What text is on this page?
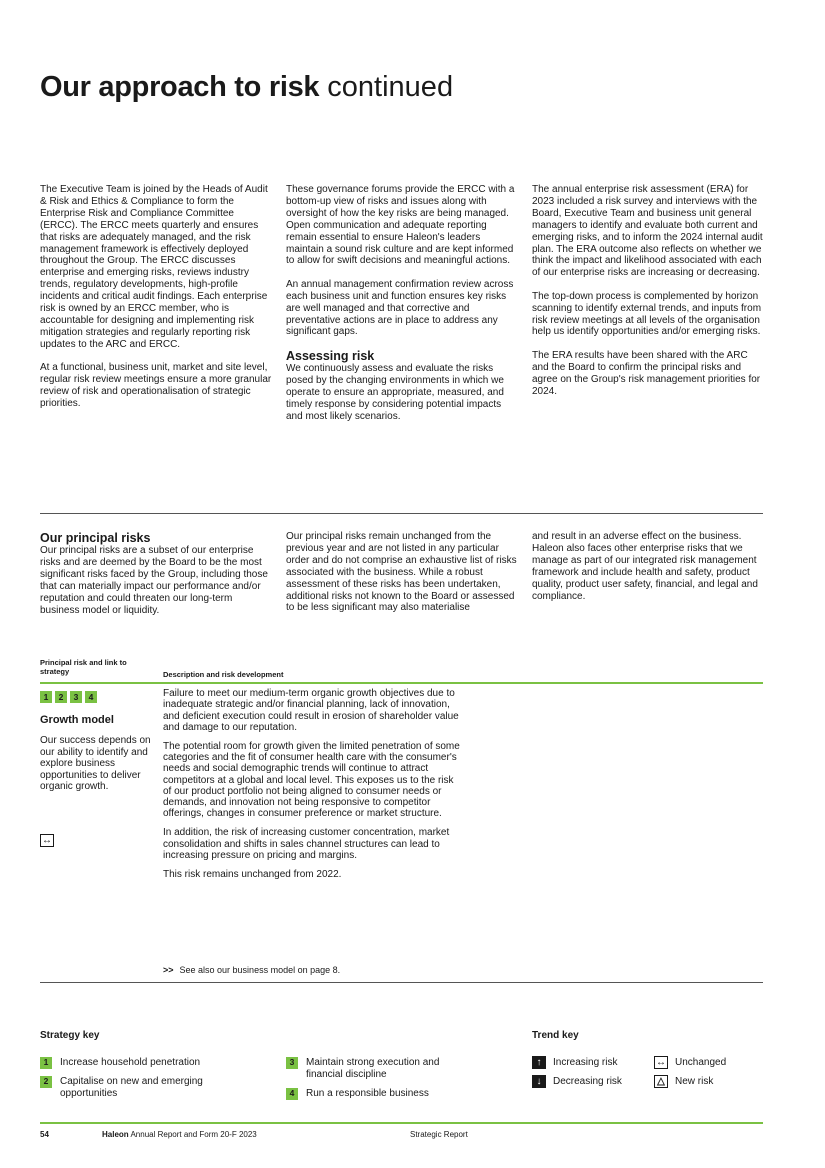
Our approach to risk continued

The Executive Team is joined by the Heads of Audit & Risk and Ethics & Compliance to form the Enterprise Risk and Compliance Committee (ERCC). The ERCC meets quarterly and ensures that risks are adequately managed, and the risk management framework is effectively deployed throughout the Group. The ERCC discusses enterprise and emerging risks, reviews industry trends, regulatory developments, high-profile incidents and critical audit findings. Each enterprise risk is owned by an ERCC member, who is accountable for designing and implementing risk mitigation strategies and regularly reporting risk updates to the ARC and ERCC.

At a functional, business unit, market and site level, regular risk review meetings ensure a more granular review of risk and operationalisation of strategic priorities.

These governance forums provide the ERCC with a bottom-up view of risks and issues along with oversight of how the key risks are being managed. Open communication and adequate reporting remain essential to ensure Haleon's leaders maintain a sound risk culture and are kept informed to allow for swift decisions and meaningful actions.

An annual management confirmation review across each business unit and function ensures key risks are well managed and that corrective and preventative actions are in place to address any significant gaps.

Assessing risk

We continuously assess and evaluate the risks posed by the changing environments in which we operate to ensure an appropriate, measured, and timely response by considering potential impacts and most likely scenarios.

The annual enterprise risk assessment (ERA) for 2023 included a risk survey and interviews with the Board, Executive Team and business unit general managers to identify and evaluate both current and emerging risks, and to inform the 2024 internal audit plan. The ERA outcome also reflects on whether we think the impact and likelihood associated with each of our enterprise risks are increasing or decreasing.

The top-down process is complemented by horizon scanning to identify external trends, and inputs from risk review meetings at all levels of the organisation help us identify opportunities and/or emerging risks.

The ERA results have been shared with the ARC and the Board to confirm the principal risks and agree on the Group's risk management priorities for 2024.

Our principal risks

Our principal risks are a subset of our enterprise risks and are deemed by the Board to be the most significant risks faced by the Group, including those that can materially impact our performance and/or reputation and could threaten our long-term business model or liquidity.

Our principal risks remain unchanged from the previous year and are not listed in any particular order and do not comprise an exhaustive list of risks associated with the business. While a robust assessment of these risks has been undertaken, additional risks not known to the Board or assessed to be less significant may also materialise

and result in an adverse effect on the business. Haleon also faces other enterprise risks that we manage as part of our integrated risk management framework and include health and safety, product quality, product user safety, financial, and legal and compliance.

Principal risk and link to strategy	Description and risk development
1	2	3	4
Growth model
Our success depends on our ability to identify and explore business opportunities to deliver organic growth.
↔

Failure to meet our medium-term organic growth objectives due to inadequate strategic and/or financial planning, lack of innovation, and deficient execution could result in erosion of shareholder value and damage to our reputation.

The potential room for growth given the limited penetration of some categories and the fit of consumer health care with the consumer's needs and social demographic trends will continue to attract competitors at a global and local level. This exposes us to the risk of our product portfolio not being aligned to consumer needs or demands, and innovation not being responsive to competitor offerings, changes in consumer preference or market structure.

In addition, the risk of increasing customer concentration, market consolidation and shifts in sales channel structures can lead to increasing pressure on pricing and margins.

This risk remains unchanged from 2022.

>> See also our business model on page 8.
Strategy key
1	Increase household penetration
2	Capitalise on new and emerging opportunities
3	Maintain strong execution and financial discipline
4	Run a responsible business
Trend key
↑	Increasing risk
↓	Decreasing risk
↔ Unchanged
△	New risk
54	Haleon Annual Report and Form 20-F 2023	Strategic Report
